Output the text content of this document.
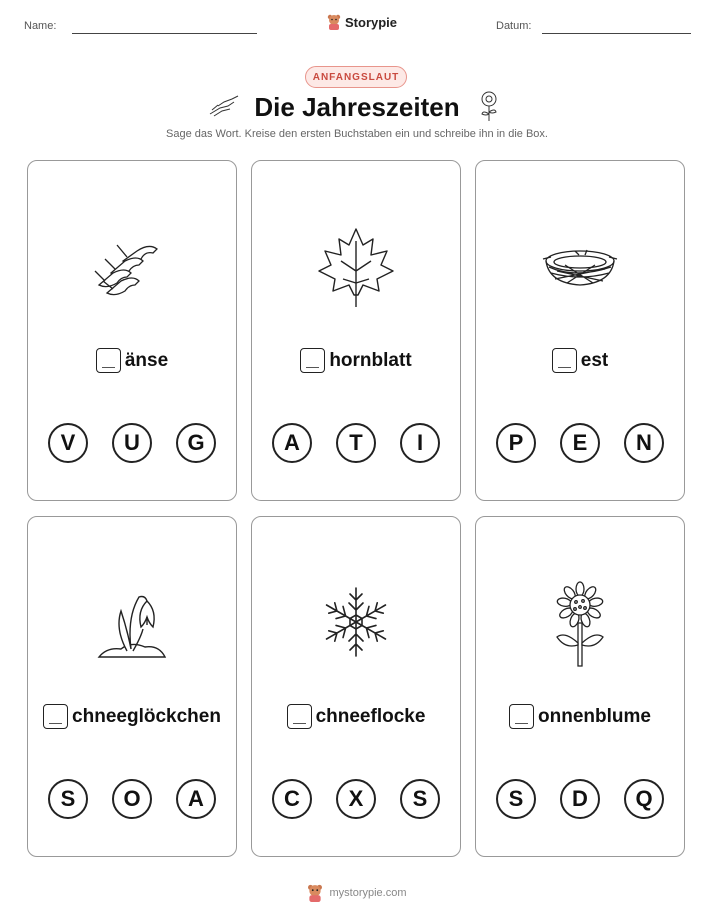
Name:	Storypie	Datum:
ANFANGSLAUT
Die Jahreszeiten
Sage das Wort. Kreise den ersten Buchstaben ein und schreibe ihn in die Box.
änse
V	U	G
hornblatt
A	T	I
est
P	E	N
chneeglöckchen
S	O	A
chneeflocke
C	X	S
onnenblume
S	D	Q
mystorypie.com
